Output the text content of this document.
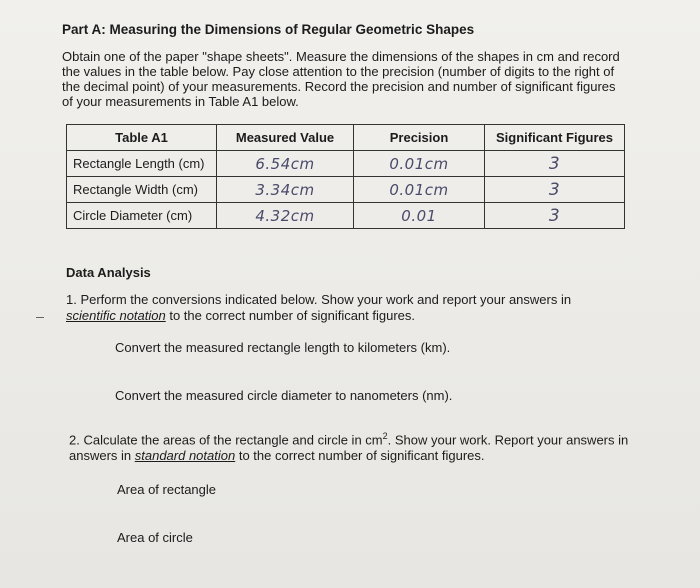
Part A: Measuring the Dimensions of Regular Geometric Shapes
Obtain one of the paper "shape sheets". Measure the dimensions of the shapes in cm and record the values in the table below. Pay close attention to the precision (number of digits to the right of the decimal point) of your measurements. Record the precision and number of significant figures of your measurements in Table A1 below.
Table A1	Measured Value	Precision	Significant Figures
Rectangle Length (cm)	6.54cm	0.01cm	3
Rectangle Width (cm)	3.34cm	0.01cm	3
Circle Diameter (cm)	4.32cm	0.01	3
Data Analysis
1. Perform the conversions indicated below. Show your work and report your answers in
scientific notation to the correct number of significant figures.
Convert the measured rectangle length to kilometers (km).
Convert the measured circle diameter to nanometers (nm).
2. Calculate the areas of the rectangle and circle in $cm^2$. Show your work. Report your answers in
answers in standard notation to the correct number of significant figures.
Area of rectangle
Area of circle
